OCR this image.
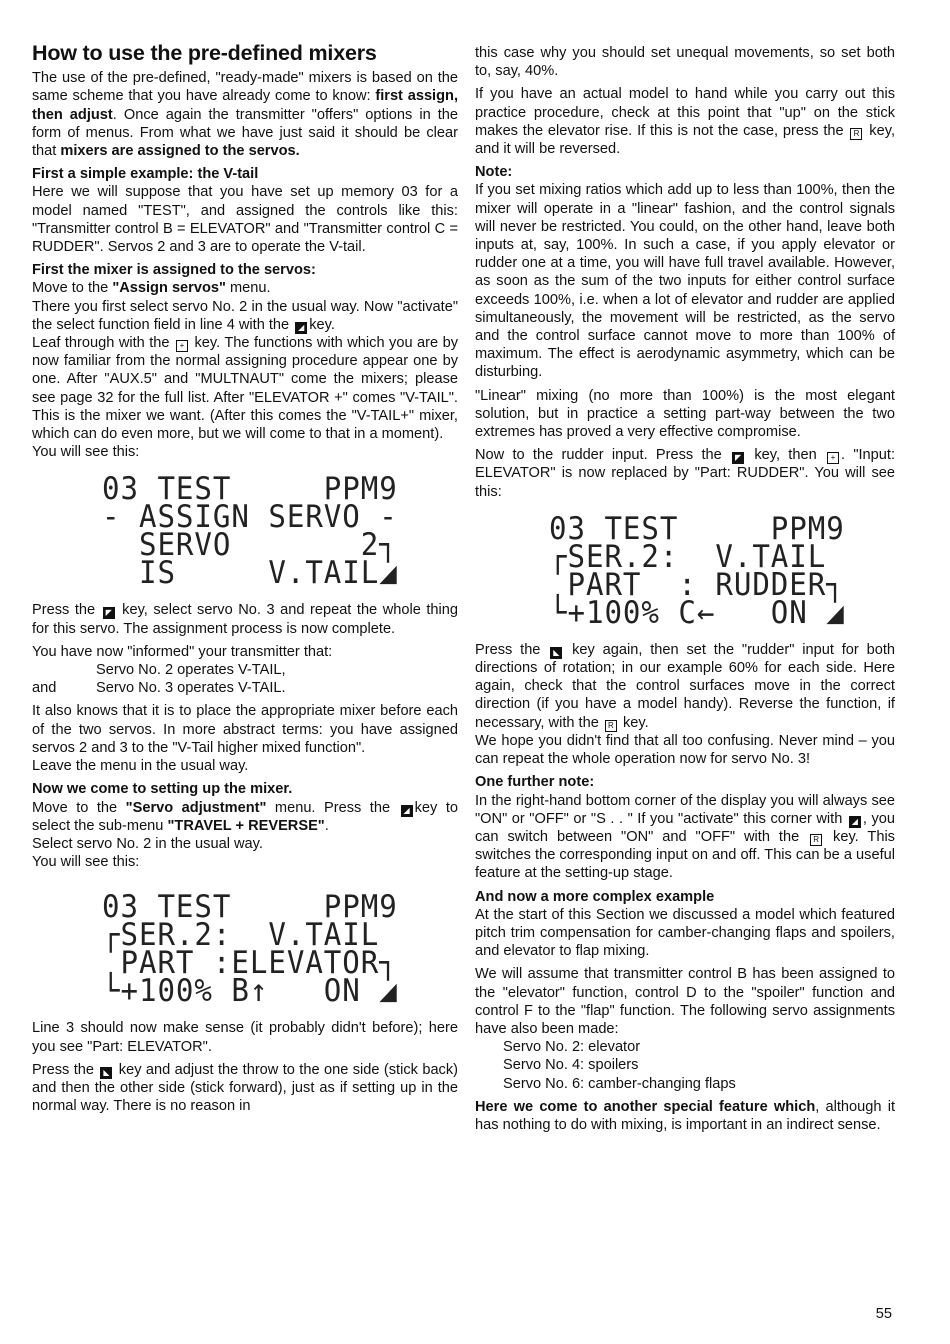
How to use the pre-defined mixers

The use of the pre-defined, "ready-made" mixers is based on the same scheme that you have already come to know: first assign, then adjust. Once again the transmitter "offers" options in the form of menus. From what we have just said it should be clear that mixers are assigned to the servos.

First a simple example: the V-tail

Here we will suppose that you have set up memory 03 for a model named "TEST", and assigned the controls like this: "Transmitter control B = ELEVATOR" and "Transmitter control C = RUDDER". Servos 2 and 3 are to operate the V-tail.

First the mixer is assigned to the servos:

Move to the "Assign servos" menu.

There you first select servo No. 2 in the usual way. Now "activate" the select function field in line 4 with the ◢ key.

Leaf through with the + key. The functions with which you are by now familiar from the normal assigning procedure appear one by one. After "AUX.5" and "MULTNAUT" come the mixers; please see page 32 for the full list. After "ELEVATOR +" comes "V-TAIL". This is the mixer we want. (After this comes the "V-TAIL+" mixer, which can do even more, but we will come to that in a moment).

You will see this:

03 TEST     PPM9
- ASSIGN SERVO -
SERVO       2┐
IS     V.TAIL◢

Press the ◤ key, select servo No. 3 and repeat the whole thing for this servo. The assignment process is now complete.

You have now "informed" your transmitter that:

Servo No. 2 operates V-TAIL,
and	Servo No. 3 operates V-TAIL.

It also knows that it is to place the appropriate mixer before each of the two servos. In more abstract terms: you have assigned servos 2 and 3 to the "V-Tail higher mixed function".

Leave the menu in the usual way.

Now we come to setting up the mixer.

Move to the "Servo adjustment" menu. Press the ◢ key to select the sub-menu "TRAVEL + REVERSE".

Select servo No. 2 in the usual way.

You will see this:

03 TEST     PPM9
┌SER.2:  V.TAIL
PART :ELEVATOR┐
└+100% B↑   ON ◢

Line 3 should now make sense (it probably didn't before); here you see "Part: ELEVATOR".

Press the ◣ key and adjust the throw to the one side (stick back) and then the other side (stick forward), just as if setting up in the normal way. There is no reason in

this case why you should set unequal movements, so set both to, say, 40%.

If you have an actual model to hand while you carry out this practice procedure, check at this point that "up" on the stick makes the elevator rise. If this is not the case, press the R key, and it will be reversed.

Note:

If you set mixing ratios which add up to less than 100%, then the mixer will operate in a "linear" fashion, and the control signals will never be restricted. You could, on the other hand, leave both inputs at, say, 100%. In such a case, if you apply elevator or rudder one at a time, you will have full travel available. However, as soon as the sum of the two inputs for either control surface exceeds 100%, i.e. when a lot of elevator and rudder are applied simultaneously, the movement will be restricted, as the servo and the control surface cannot move to more than 100% of maximum. The effect is aerodynamic asymmetry, which can be disturbing.

"Linear" mixing (no more than 100%) is the most elegant solution, but in practice a setting part-way between the two extremes has proved a very effective compromise.

Now to the rudder input. Press the ◤ key, then + . "Input: ELEVATOR" is now replaced by "Part: RUDDER". You will see this:

03 TEST     PPM9
┌SER.2:  V.TAIL
PART  : RUDDER┐
└+100% C←   ON ◢

Press the ◣ key again, then set the "rudder" input for both directions of rotation; in our example 60% for each side. Here again, check that the control surfaces move in the correct direction (if you have a model handy). Reverse the function, if necessary, with the R key.

We hope you didn't find that all too confusing. Never mind – you can repeat the whole operation now for servo No. 3!

One further note:

In the right-hand bottom corner of the display you will always see "ON" or "OFF" or "S . . " If you "activate" this corner with ◢ , you can switch between "ON" and "OFF" with the R key. This switches the corresponding input on and off. This can be a useful feature at the setting-up stage.

And now a more complex example

At the start of this Section we discussed a model which featured pitch trim compensation for camber-changing flaps and spoilers, and elevator to flap mixing.

We will assume that transmitter control B has been assigned to the "elevator" function, control D to the "spoiler" function and control F to the "flap" function. The following servo assignments have also been made:

Servo No. 2: elevator
Servo No. 4: spoilers
Servo No. 6: camber-changing flaps

Here we come to another special feature which, although it has nothing to do with mixing, is important in an indirect sense.

55
